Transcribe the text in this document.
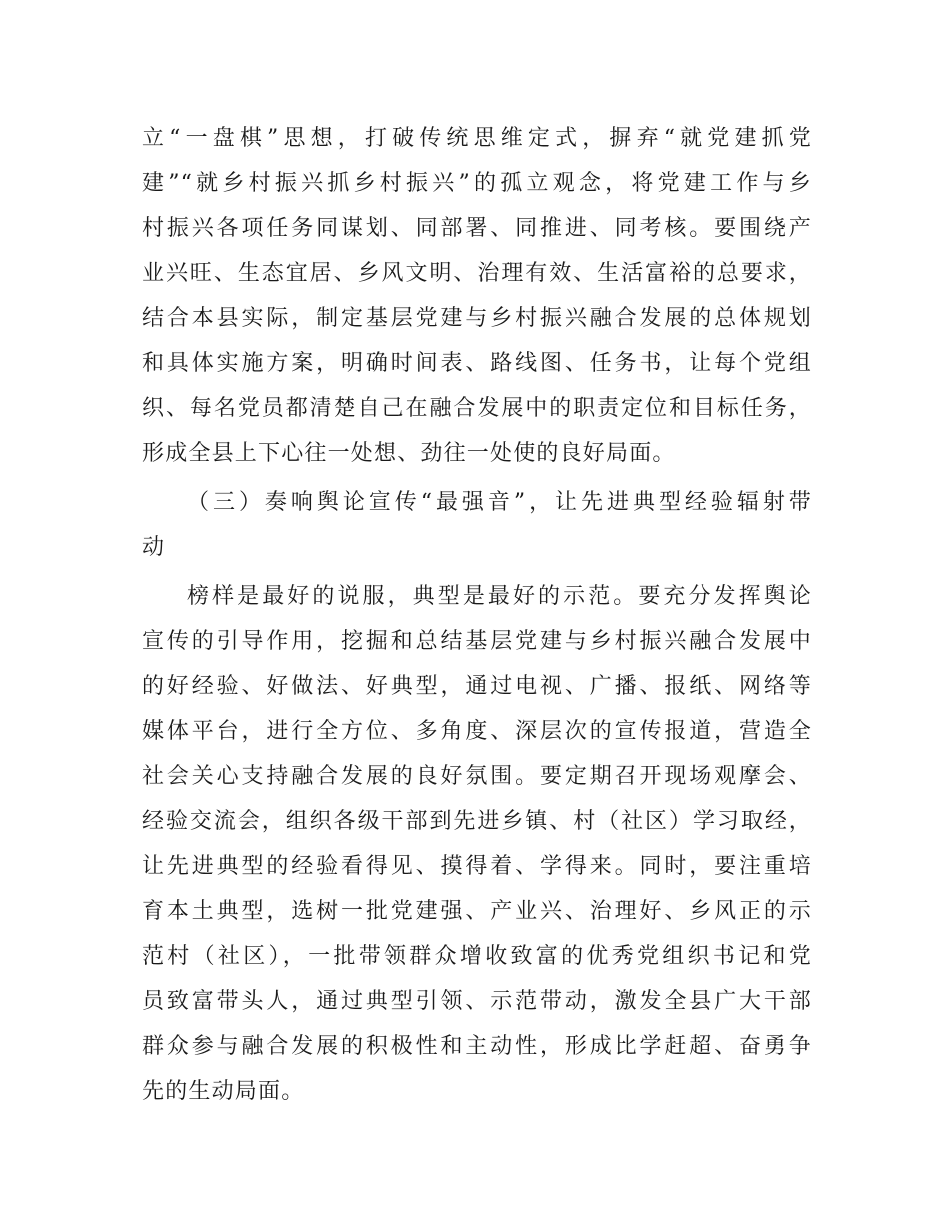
立“一盘棋”思想，打破传统思维定式，摒弃“就党建抓党
建”“就乡村振兴抓乡村振兴”的孤立观念，将党建工作与乡
村振兴各项任务同谋划、同部署、同推进、同考核。要围绕产
业兴旺、生态宜居、乡风文明、治理有效、生活富裕的总要求，
结合本县实际，制定基层党建与乡村振兴融合发展的总体规划
和具体实施方案，明确时间表、路线图、任务书，让每个党组
织、每名党员都清楚自己在融合发展中的职责定位和目标任务，
形成全县上下心往一处想、劲往一处使的良好局面。
（三）奏响舆论宣传“最强音”，让先进典型经验辐射带
动
榜样是最好的说服，典型是最好的示范。要充分发挥舆论
宣传的引导作用，挖掘和总结基层党建与乡村振兴融合发展中
的好经验、好做法、好典型，通过电视、广播、报纸、网络等
媒体平台，进行全方位、多角度、深层次的宣传报道，营造全
社会关心支持融合发展的良好氛围。要定期召开现场观摩会、
经验交流会，组织各级干部到先进乡镇、村（社区）学习取经，
让先进典型的经验看得见、摸得着、学得来。同时，要注重培
育本土典型，选树一批党建强、产业兴、治理好、乡风正的示
范村（社区），一批带领群众增收致富的优秀党组织书记和党
员致富带头人，通过典型引领、示范带动，激发全县广大干部
群众参与融合发展的积极性和主动性，形成比学赶超、奋勇争
先的生动局面。
